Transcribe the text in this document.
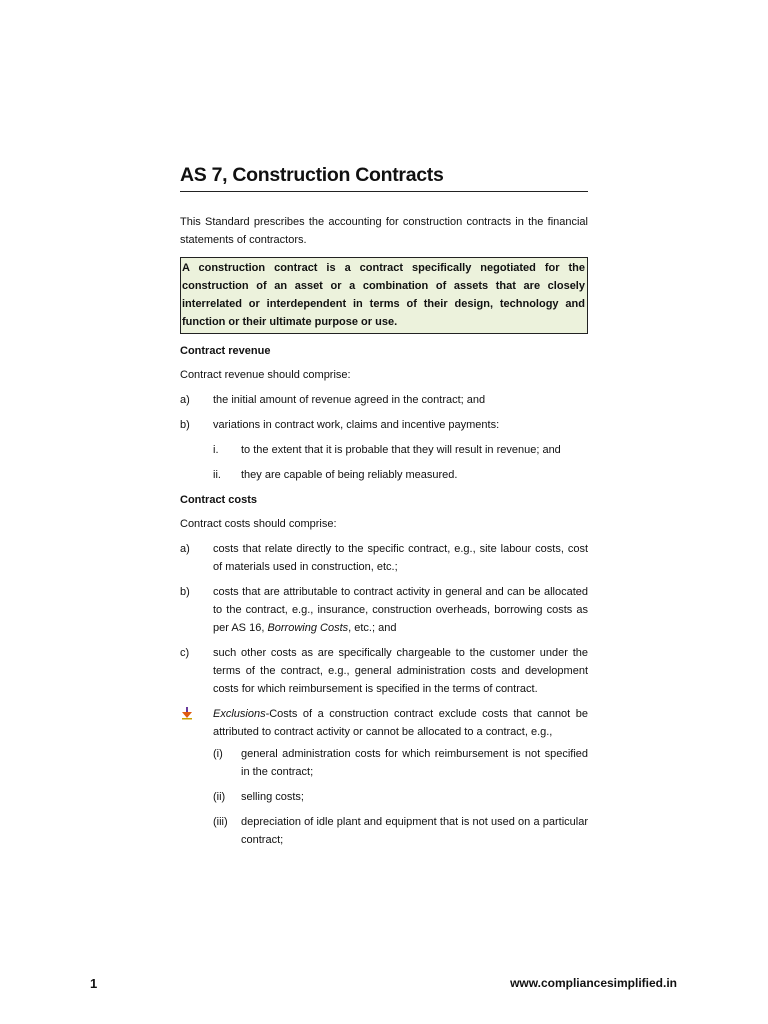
AS 7, Construction Contracts
This Standard prescribes the accounting for construction contracts in the financial statements of contractors.
A construction contract is a contract specifically negotiated for the construction of an asset or a combination of assets that are closely interrelated or interdependent in terms of their design, technology and function or their ultimate purpose or use.
Contract revenue
Contract revenue should comprise:
a) the initial amount of revenue agreed in the contract; and
b) variations in contract work, claims and incentive payments:
i. to the extent that it is probable that they will result in revenue; and
ii. they are capable of being reliably measured.
Contract costs
Contract costs should comprise:
a) costs that relate directly to the specific contract, e.g., site labour costs, cost of materials used in construction, etc.;
b) costs that are attributable to contract activity in general and can be allocated to the contract, e.g., insurance, construction overheads, borrowing costs as per AS 16, Borrowing Costs, etc.; and
c) such other costs as are specifically chargeable to the customer under the terms of the contract, e.g., general administration costs and development costs for which reimbursement is specified in the terms of contract.
Exclusions-Costs of a construction contract exclude costs that cannot be attributed to contract activity or cannot be allocated to a contract, e.g.,
(i) general administration costs for which reimbursement is not specified in the contract;
(ii) selling costs;
(iii) depreciation of idle plant and equipment that is not used on a particular contract;
1	www.compliancesimplified.in
